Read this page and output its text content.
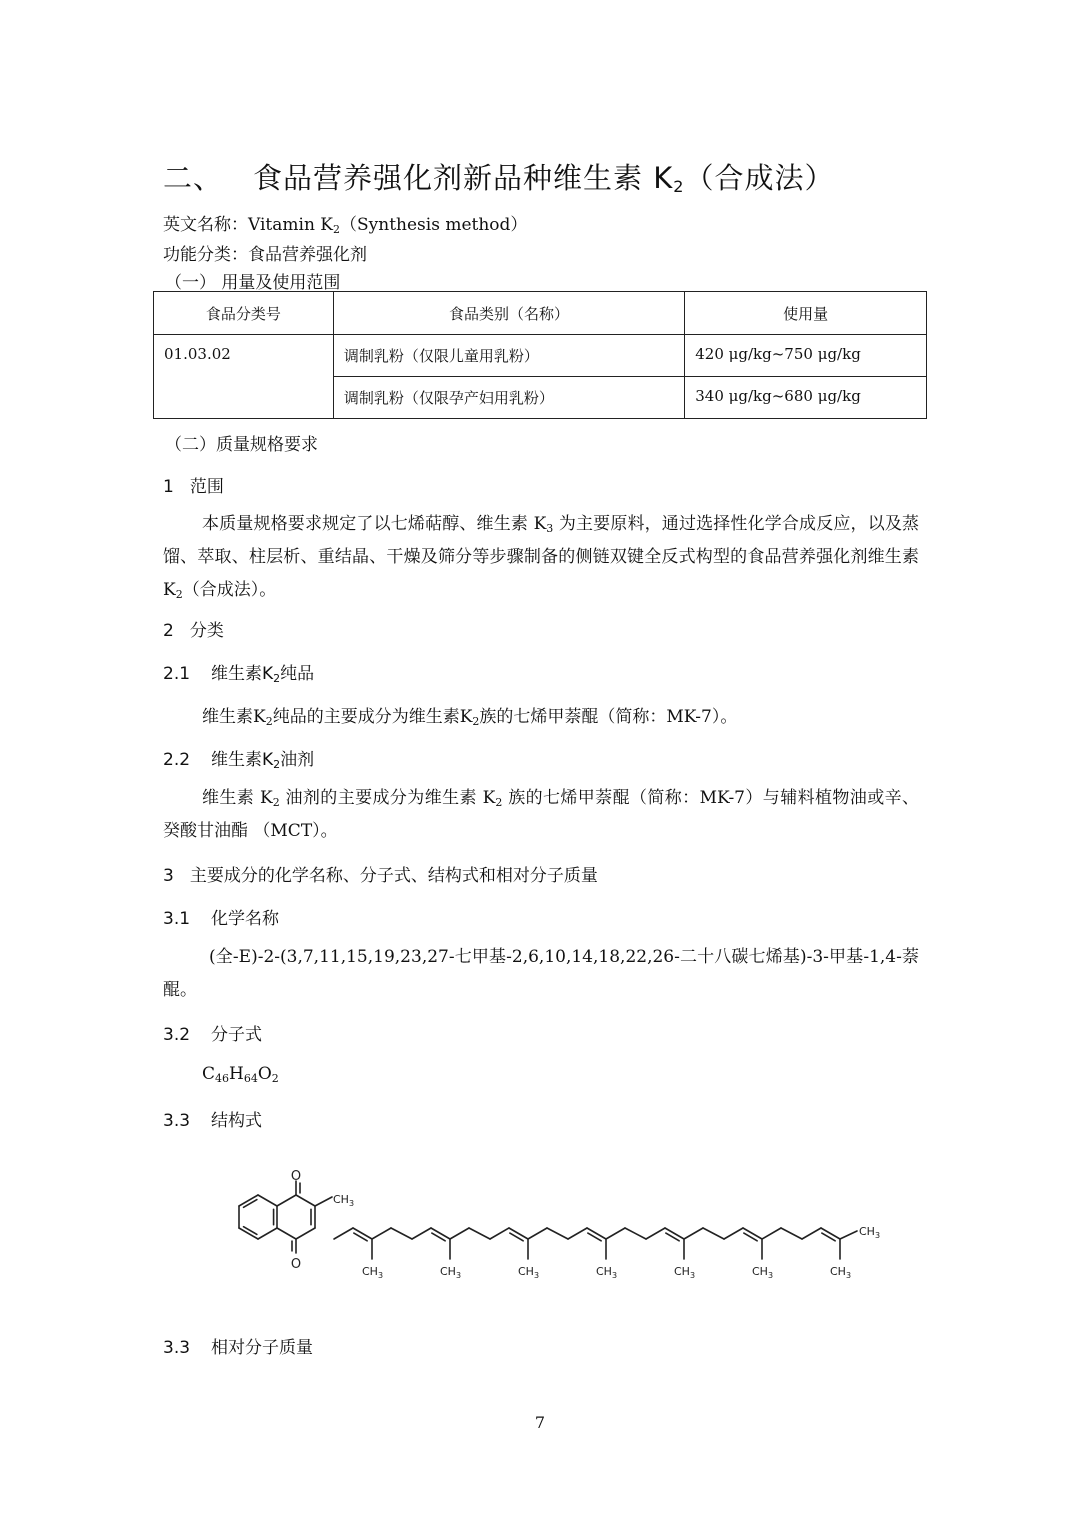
二、 食品营养强化剂新品种维生素 $K_2$（合成法）
英文名称：Vitamin $K_2(Synthesis$ method）
功能分类：食品营养强化剂
（一） 用量及使用范围
食品分类号	食品类别（名称）	使用量
01.03.02	调制乳粉（仅限儿童用乳粉）	420 μg/kg~750 μg/kg
	调制乳粉（仅限孕产妇用乳粉）	340 μg/kg~680 μg/kg
（二）质量规格要求
1 范围
本质量规格要求规定了以七烯萜醇、维生素 $K_3$ 为主要原料，通过选择性化学合成反应，以及蒸馏、萃取、柱层析、重结晶、干燥及筛分等步骤制备的侧链双键全反式构型的食品营养强化剂维生素 $K_2$（合成法）。
2 分类
2.1 维生素$K_2$纯品
维生素$K_2$纯品的主要成分为维生素$K_2$族的七烯甲萘醌（简称：MK-7）。
2.2 维生素$K_2$油剂
维生素 $K_2$ 油剂的主要成分为维生素 $K_2$ 族的七烯甲萘醌（简称：MK-7）与辅料植物油或辛、癸酸甘油酯 （MCT）。
3 主要成分的化学名称、分子式、结构式和相对分子质量
3.1 化学名称
(全-E)-2-(3,7,11,15,19,23,27-七甲基-2,6,10,14,18,22,26-二十八碳七烯基)-3-甲基-1,4-萘醌。
3.2 分子式
$C_{46}H_{64}O_2$
3.3 结构式
O
O
$CH_3$
$CH_3$	$CH_3$	$CH_3$	$CH_3$	$CH_3$	$CH_3$	$CH_3$
$CH_3$
3.3 相对分子质量
7
